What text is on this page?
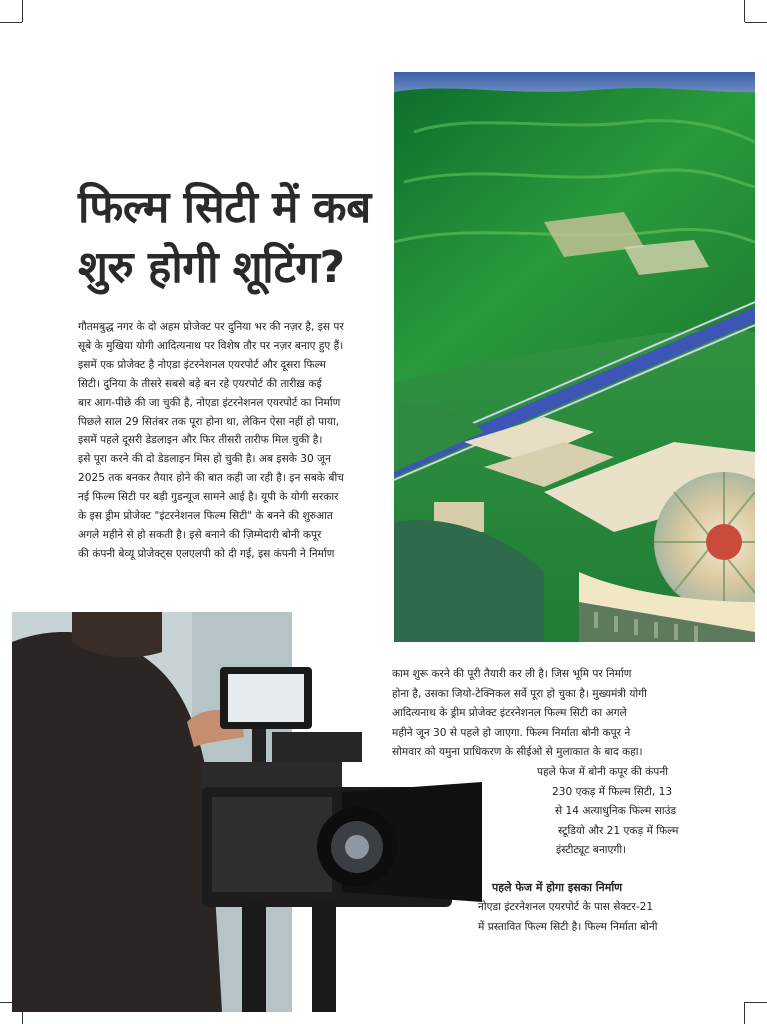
फिल्म सिटी में कब
शुरु होगी शूटिंग?
गौतमबुद्ध नगर के दो अहम प्रोजेक्ट पर दुनिया भर की नज़र है, इस पर
सूबे के मुखिया योगी आदित्यनाथ पर विशेष तौर पर नज़र बनाए हुए हैं।
इसमें एक प्रोजेक्ट है नोएडा इंटरनेशनल एयरपोर्ट और दूसरा फिल्म
सिटी। दुनिया के तीसरे सबसे बड़े बन रहे एयरपोर्ट की तारीख़ कई
बार आग-पीछे की जा चुकी है, नोएडा इंटरनेशनल एयरपोर्ट का निर्माण
पिछले साल 29 सितंबर तक पूरा होना था, लेकिन ऐसा नहीं हो पाया,
इसमें पहले दूसरी डेडलाइन और फिर तीसरी तारीफ मिल चुकी है।
इसे पूरा करने की दो डेडलाइन मिस हो चुकी है। अब इसके 30 जून
2025 तक बनकर तैयार होने की बात कही जा रही है। इन सबके बीच
नई फिल्म सिटी पर बड़ी गुडन्यूज सामने आई है। यूपी के योगी सरकार
के इस ड्रीम प्रोजेक्ट "इंटरनेशनल फिल्म सिटी" के बनने की शुरुआत
अगले महीने से हो सकती है। इसे बनाने की ज़िम्मेदारी बोनी कपूर
की कंपनी बेव्यू प्रोजेक्ट्स एलएलपी को दी गई, इस कंपनी ने निर्माण
काम शुरू करने की पूरी तैयारी कर ली है। जिस भूमि पर निर्माण
होना है, उसका जियो-टेक्निकल सर्वे पूरा हो चुका है। मुख्यमंत्री योगी
आदित्यनाथ के ड्रीम प्रोजेक्ट इंटरनेशनल फिल्म सिटी का अगले
महीने जून 30 से पहले हो जाएगा. फिल्म निर्माता बोनी कपूर ने
सोमवार को यमुना प्राधिकरण के सीईओ से मुलाकात के बाद कहा।
पहले फेज में बोनी कपूर की कंपनी
230 एकड़ में फिल्म सिटी, 13
से 14 अत्याधुनिक फिल्म साउंड
स्टूडियो और 21 एकड़ में फिल्म
इंस्टीट्यूट बनाएगी।
पहले फेज में होगा इसका निर्माण
नोएडा इंटरनेशनल एयरपोर्ट के पास सेक्टर-21
में प्रस्तावित फिल्म सिटी है। फिल्म निर्माता बोनी
